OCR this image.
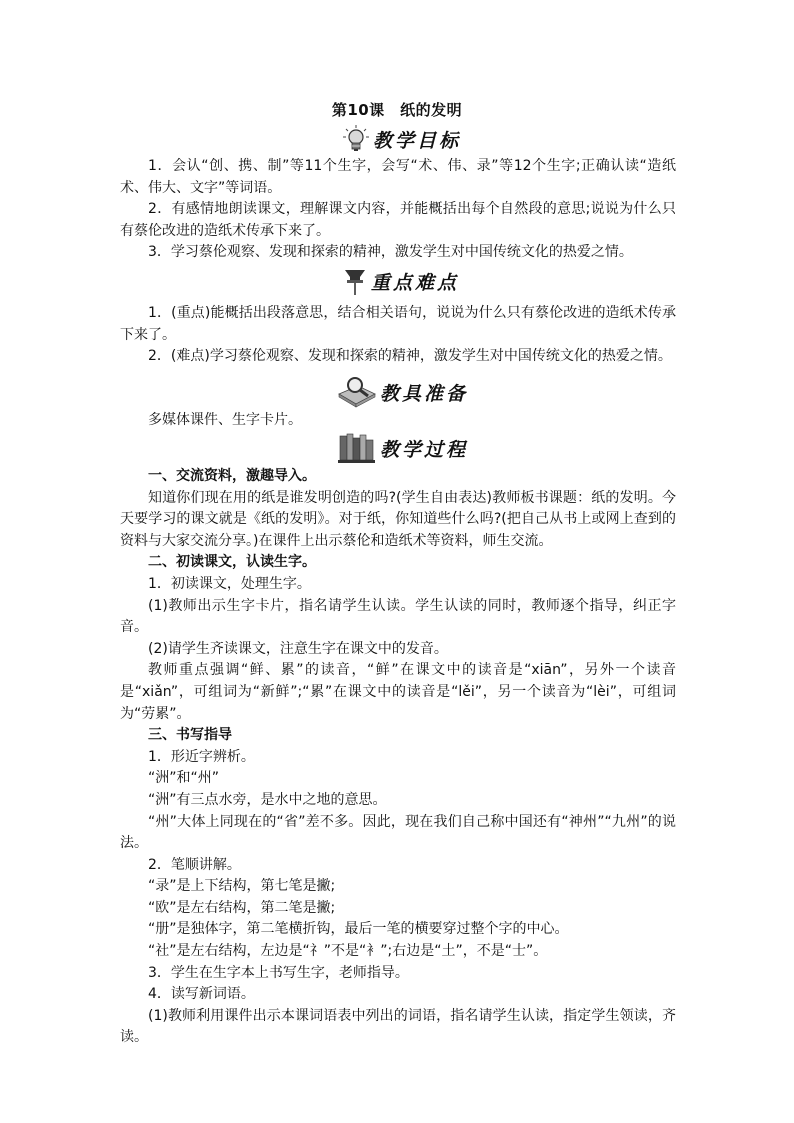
第10课　纸的发明
教学目标
重点难点
教具准备
教学过程

1．会认“创、携、制”等11个生字，会写“术、伟、录”等12个生字;正确认读“造纸术、伟大、文字”等词语。

2．有感情地朗读课文，理解课文内容，并能概括出每个自然段的意思;说说为什么只有蔡伦改进的造纸术传承下来了。

3．学习蔡伦观察、发现和探索的精神，激发学生对中国传统文化的热爱之情。

1．(重点)能概括出段落意思，结合相关语句，说说为什么只有蔡伦改进的造纸术传承下来了。

2．(难点)学习蔡伦观察、发现和探索的精神，激发学生对中国传统文化的热爱之情。

多媒体课件、生字卡片。

一、交流资料，激趣导入。

知道你们现在用的纸是谁发明创造的吗?(学生自由表达)教师板书课题：纸的发明。今天要学习的课文就是《纸的发明》。对于纸，你知道些什么吗?(把自己从书上或网上查到的资料与大家交流分享。)在课件上出示蔡伦和造纸术等资料，师生交流。

二、初读课文，认读生字。

1．初读课文，处理生字。

(1)教师出示生字卡片，指名请学生认读。学生认读的同时，教师逐个指导，纠正字音。

(2)请学生齐读课文，注意生字在课文中的发音。

教师重点强调“鲜、累”的读音，“鲜”在课文中的读音是“xiān”，另外一个读音是“xiǎn”，可组词为“新鲜”;“累”在课文中的读音是“lěi”，另一个读音为“lèi”，可组词为“劳累”。

三、书写指导

1．形近字辨析。

“洲”和“州”

“洲”有三点水旁，是水中之地的意思。

“州”大体上同现在的“省”差不多。因此，现在我们自己称中国还有“神州”“九州”的说法。

2．笔顺讲解。

“录”是上下结构，第七笔是撇;

“欧”是左右结构，第二笔是撇;

“册”是独体字，第二笔横折钩，最后一笔的横要穿过整个字的中心。

“社”是左右结构，左边是“礻”不是“衤”;右边是“土”，不是“士”。

3．学生在生字本上书写生字，老师指导。

4．读写新词语。

(1)教师利用课件出示本课词语表中列出的词语，指名请学生认读，指定学生领读，齐读。
